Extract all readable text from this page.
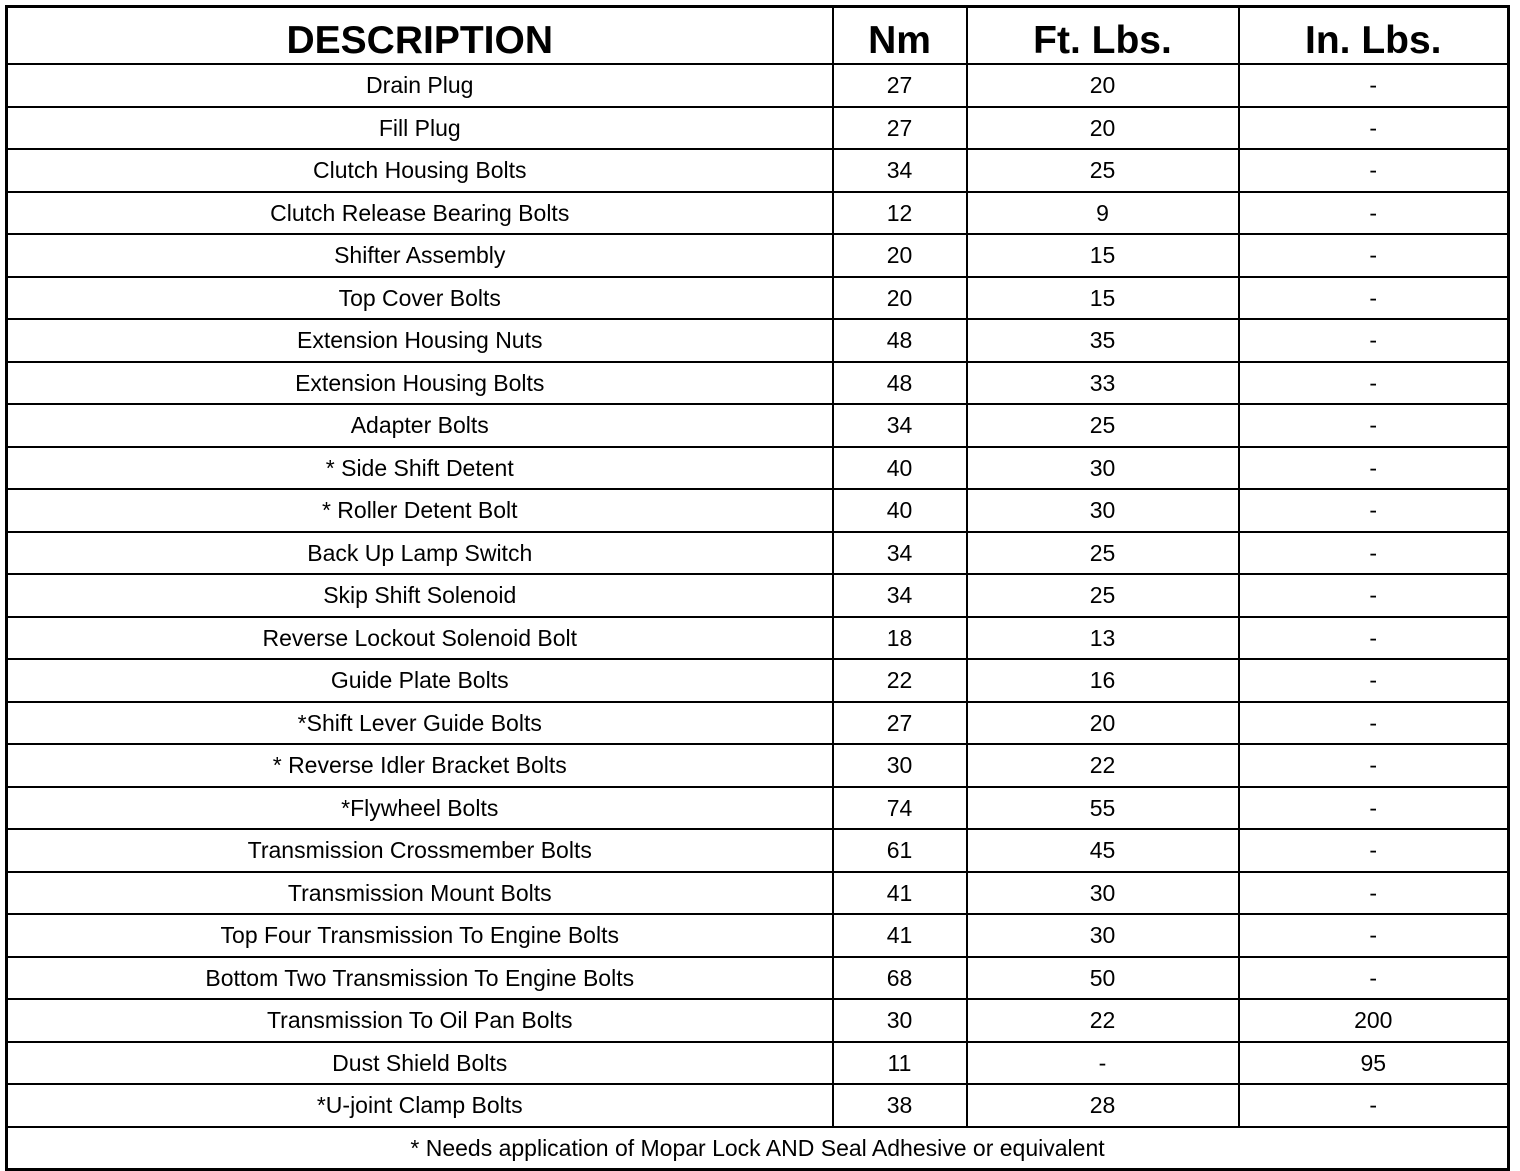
DESCRIPTION	Nm	Ft. Lbs.	In. Lbs.
Drain Plug	27	20	-
Fill Plug	27	20	-
Clutch Housing Bolts	34	25	-
Clutch Release Bearing Bolts	12	9	-
Shifter Assembly	20	15	-
Top Cover Bolts	20	15	-
Extension Housing Nuts	48	35	-
Extension Housing Bolts	48	33	-
Adapter Bolts	34	25	-
* Side Shift Detent	40	30	-
* Roller Detent Bolt	40	30	-
Back Up Lamp Switch	34	25	-
Skip Shift Solenoid	34	25	-
Reverse Lockout Solenoid Bolt	18	13	-
Guide Plate Bolts	22	16	-
*Shift Lever Guide Bolts	27	20	-
* Reverse Idler Bracket Bolts	30	22	-
*Flywheel Bolts	74	55	-
Transmission Crossmember Bolts	61	45	-
Transmission Mount Bolts	41	30	-
Top Four Transmission To Engine Bolts	41	30	-
Bottom Two Transmission To Engine Bolts	68	50	-
Transmission To Oil Pan Bolts	30	22	200
Dust Shield Bolts	11	-	95
*U-joint Clamp Bolts	38	28	-
* Needs application of Mopar Lock AND Seal Adhesive or equivalent			
